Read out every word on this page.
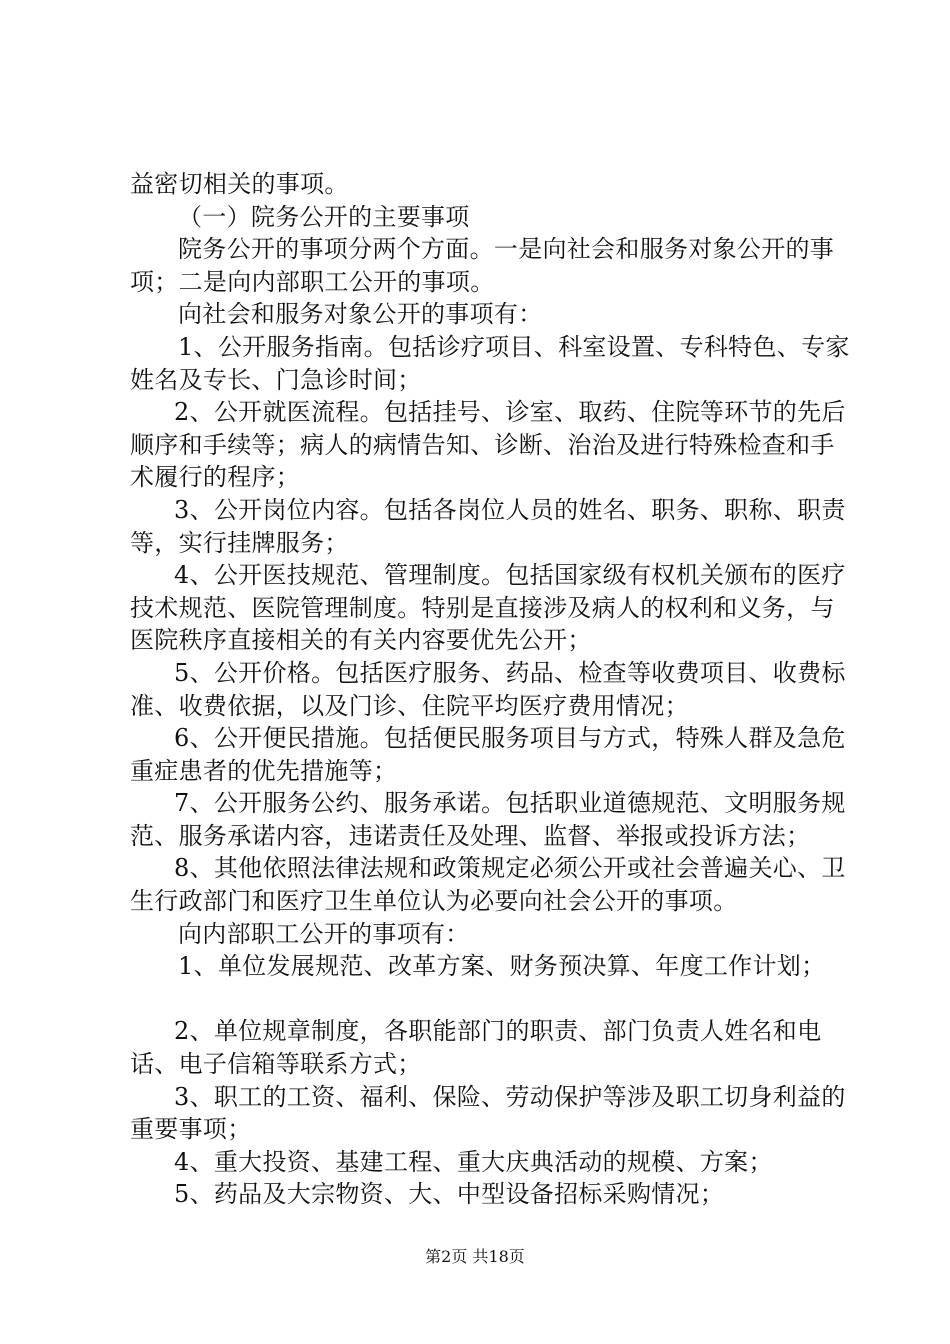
益密切相关的事项。

（一）院务公开的主要事项

院务公开的事项分两个方面。一是向社会和服务对象公开的事项；二是向内部职工公开的事项。

向社会和服务对象公开的事项有：

1、公开服务指南。包括诊疗项目、科室设置、专科特色、专家姓名及专长、门急诊时间；

2、公开就医流程。包括挂号、诊室、取药、住院等环节的先后顺序和手续等；病人的病情告知、诊断、治治及进行特殊检查和手术履行的程序；

3、公开岗位内容。包括各岗位人员的姓名、职务、职称、职责等，实行挂牌服务；

4、公开医技规范、管理制度。包括国家级有权机关颁布的医疗技术规范、医院管理制度。特别是直接涉及病人的权利和义务，与医院秩序直接相关的有关内容要优先公开；

5、公开价格。包括医疗服务、药品、检查等收费项目、收费标准、收费依据，以及门诊、住院平均医疗费用情况；

6、公开便民措施。包括便民服务项目与方式，特殊人群及急危重症患者的优先措施等；

7、公开服务公约、服务承诺。包括职业道德规范、文明服务规范、服务承诺内容，违诺责任及处理、监督、举报或投诉方法；

8、其他依照法律法规和政策规定必须公开或社会普遍关心、卫生行政部门和医疗卫生单位认为必要向社会公开的事项。

向内部职工公开的事项有：

1、单位发展规范、改革方案、财务预决算、年度工作计划；

2、单位规章制度，各职能部门的职责、部门负责人姓名和电话、电子信箱等联系方式；

3、职工的工资、福利、保险、劳动保护等涉及职工切身利益的重要事项；

4、重大投资、基建工程、重大庆典活动的规模、方案；

5、药品及大宗物资、大、中型设备招标采购情况；

第2页 共18页
